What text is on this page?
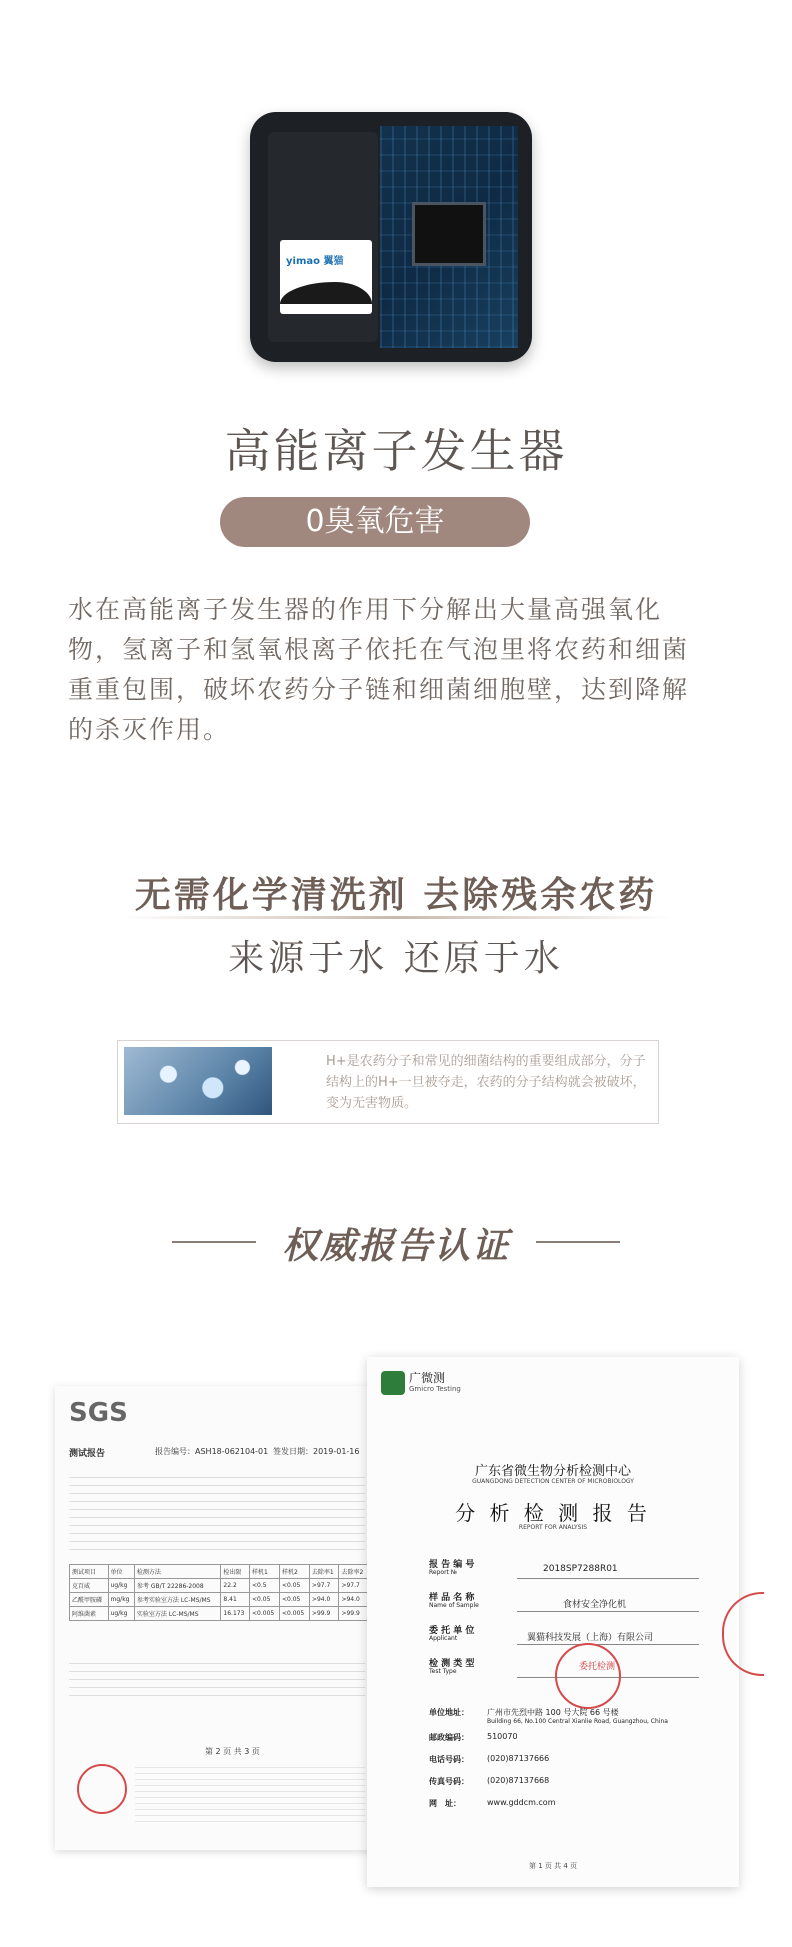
yimao 翼猫
高能离子发生器
0臭氧危害
水在高能离子发生器的作用下分解出大量高强氧化物，氢离子和氢氧根离子依托在气泡里将农药和细菌重重包围，破坏农药分子链和细菌细胞壁，达到降解的杀灭作用。
无需化学清洗剂 去除残余农药
来源于水 还原于水
H+是农药分子和常见的细菌结构的重要组成部分，分子结构上的H+一旦被夺走，农药的分子结构就会被破坏，变为无害物质。
权威报告认证
SGS
测试报告	报告编号：ASH18-062104-01 签发日期：2019-01-16
测试项目	单位	检测方法	检出限	样机1	样机2	去除率1	去除率2
克百威	ug/kg	参考 GB/T 22286-2008	22.2	<0.5	<0.05	>97.7	>97.7
乙酰甲胺磷	mg/kg	参考实验室方法 LC-MS/MS	8.41	<0.05	<0.05	>94.0	>94.0
阿维菌素	ug/kg	实验室方法 LC-MS/MS	16.173	<0.005	<0.005	>99.9	>99.9
第 2 页 共 3 页
广微测
Gmicro Testing
广东省微生物分析检测中心
GUANGDONG DETECTION CENTER OF MICROBIOLOGY
分 析 检 测 报 告
REPORT FOR ANALYSIS
报 告 编 号
Report №	2018SP7288R01
样 品 名 称
Name of Sample	食材安全净化机
委 托 单 位
Applicant	翼猫科技发展（上海）有限公司
检 测 类 型
Test Type	委托检测
单位地址： 广州市先烈中路 100 号大院 66 号楼
Building 66, No.100 Central Xianlie Road, Guangzhou, China
邮政编码： 510070
电话号码： (020)87137666
传真号码： (020)87137668
网　址：	www.gddcm.com
第 1 页 共 4 页
